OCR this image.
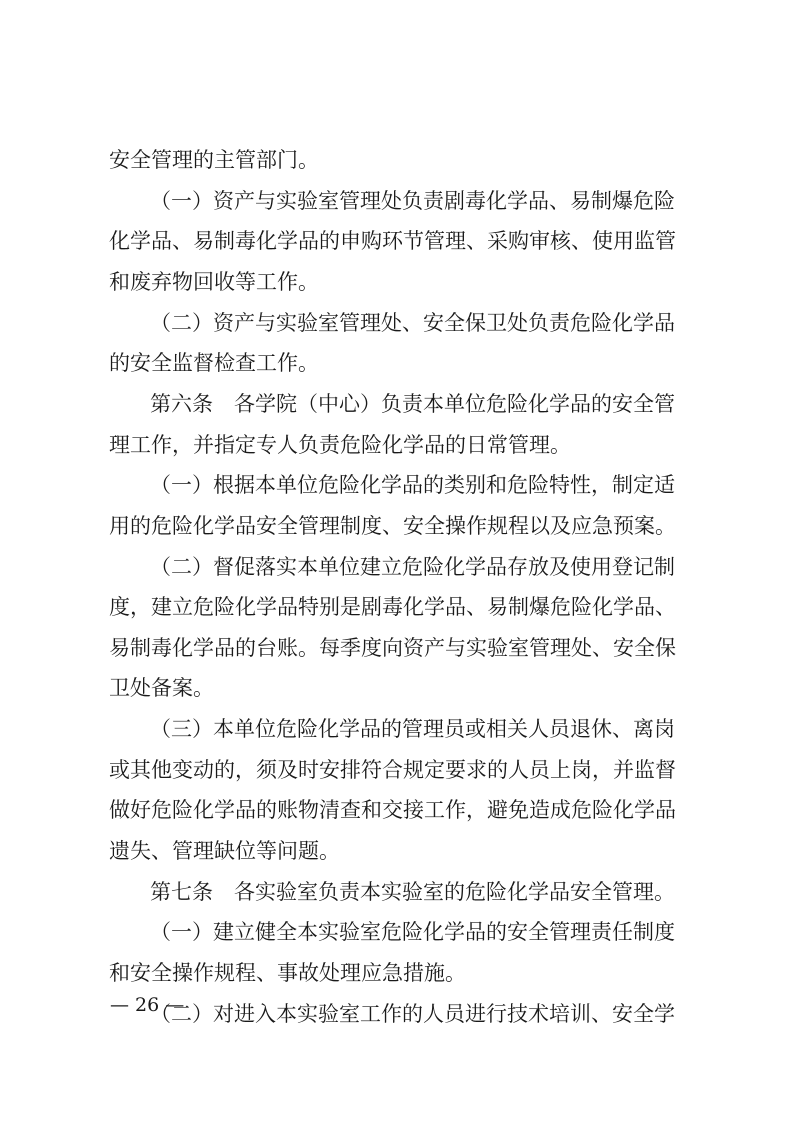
安全管理的主管部门。
（一）资产与实验室管理处负责剧毒化学品、易制爆危险
化学品、易制毒化学品的申购环节管理、采购审核、使用监管
和废弃物回收等工作。
（二）资产与实验室管理处、安全保卫处负责危险化学品
的安全监督检查工作。
第六条　各学院（中心）负责本单位危险化学品的安全管
理工作，并指定专人负责危险化学品的日常管理。
（一）根据本单位危险化学品的类别和危险特性，制定适
用的危险化学品安全管理制度、安全操作规程以及应急预案。
（二）督促落实本单位建立危险化学品存放及使用登记制
度，建立危险化学品特别是剧毒化学品、易制爆危险化学品、
易制毒化学品的台账。每季度向资产与实验室管理处、安全保
卫处备案。
（三）本单位危险化学品的管理员或相关人员退休、离岗
或其他变动的，须及时安排符合规定要求的人员上岗，并监督
做好危险化学品的账物清查和交接工作，避免造成危险化学品
遗失、管理缺位等问题。
第七条　各实验室负责本实验室的危险化学品安全管理。
（一）建立健全本实验室危险化学品的安全管理责任制度
和安全操作规程、事故处理应急措施。
（二）对进入本实验室工作的人员进行技术培训、安全学
— 26 —
